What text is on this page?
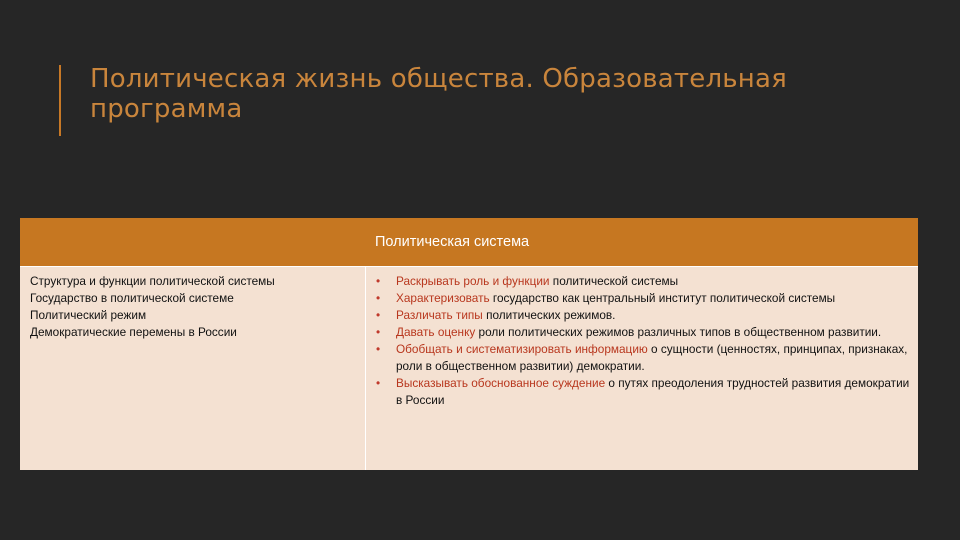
Политическая жизнь общества. Образовательная программа
Политическая система
Структура и функции политической системы
Государство в политической системе
Политический режим
Демократические перемены в России
• Раскрывать роль и функции политической системы
• Характеризовать государство как центральный институт политической системы
• Различать типы политических режимов.
• Давать оценку роли политических режимов различных типов в общественном развитии.
• Обобщать и систематизировать информацию о сущности (ценностях, принципах, признаках, роли в общественном развитии) демократии.
• Высказывать обоснованное суждение о путях преодоления трудностей развития демократии в России
